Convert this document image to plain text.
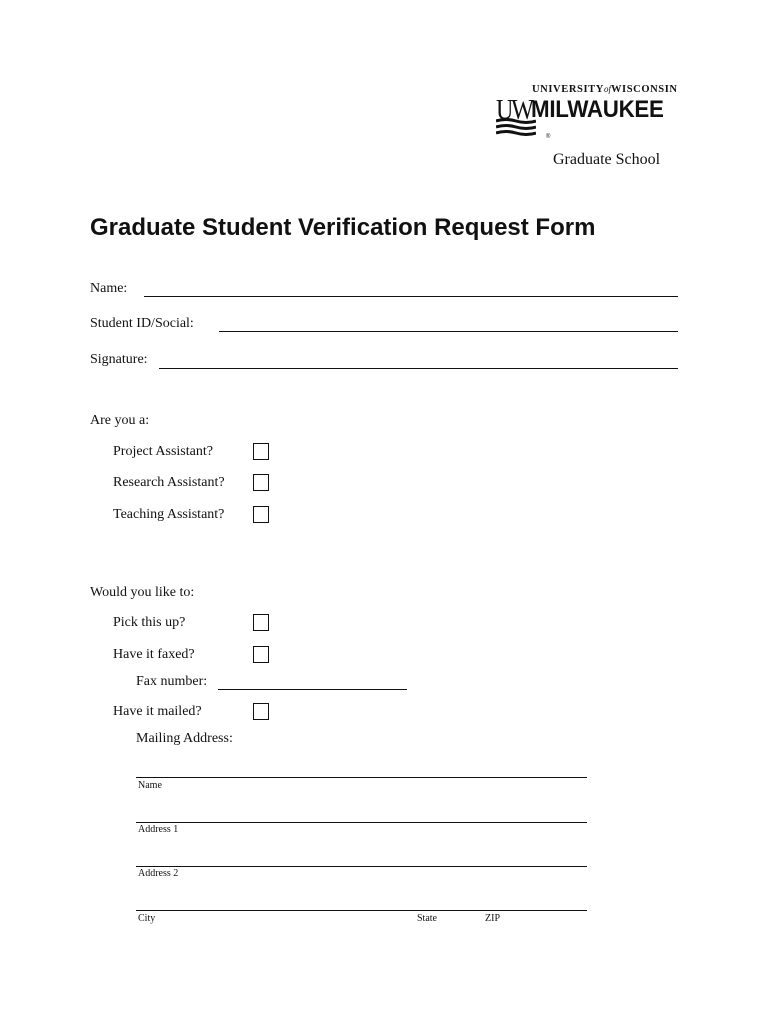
UNIVERSITYofWISCONSIN
UW MILWAUKEE
®
Graduate School
Graduate Student Verification Request Form
Name:
Student ID/Social:
Signature:
Are you a:
Project Assistant?
Research Assistant?
Teaching Assistant?
Would you like to:
Pick this up?
Have it faxed?
Fax number:
Have it mailed?
Mailing Address:
Name
Address 1
Address 2
City	State	ZIP
